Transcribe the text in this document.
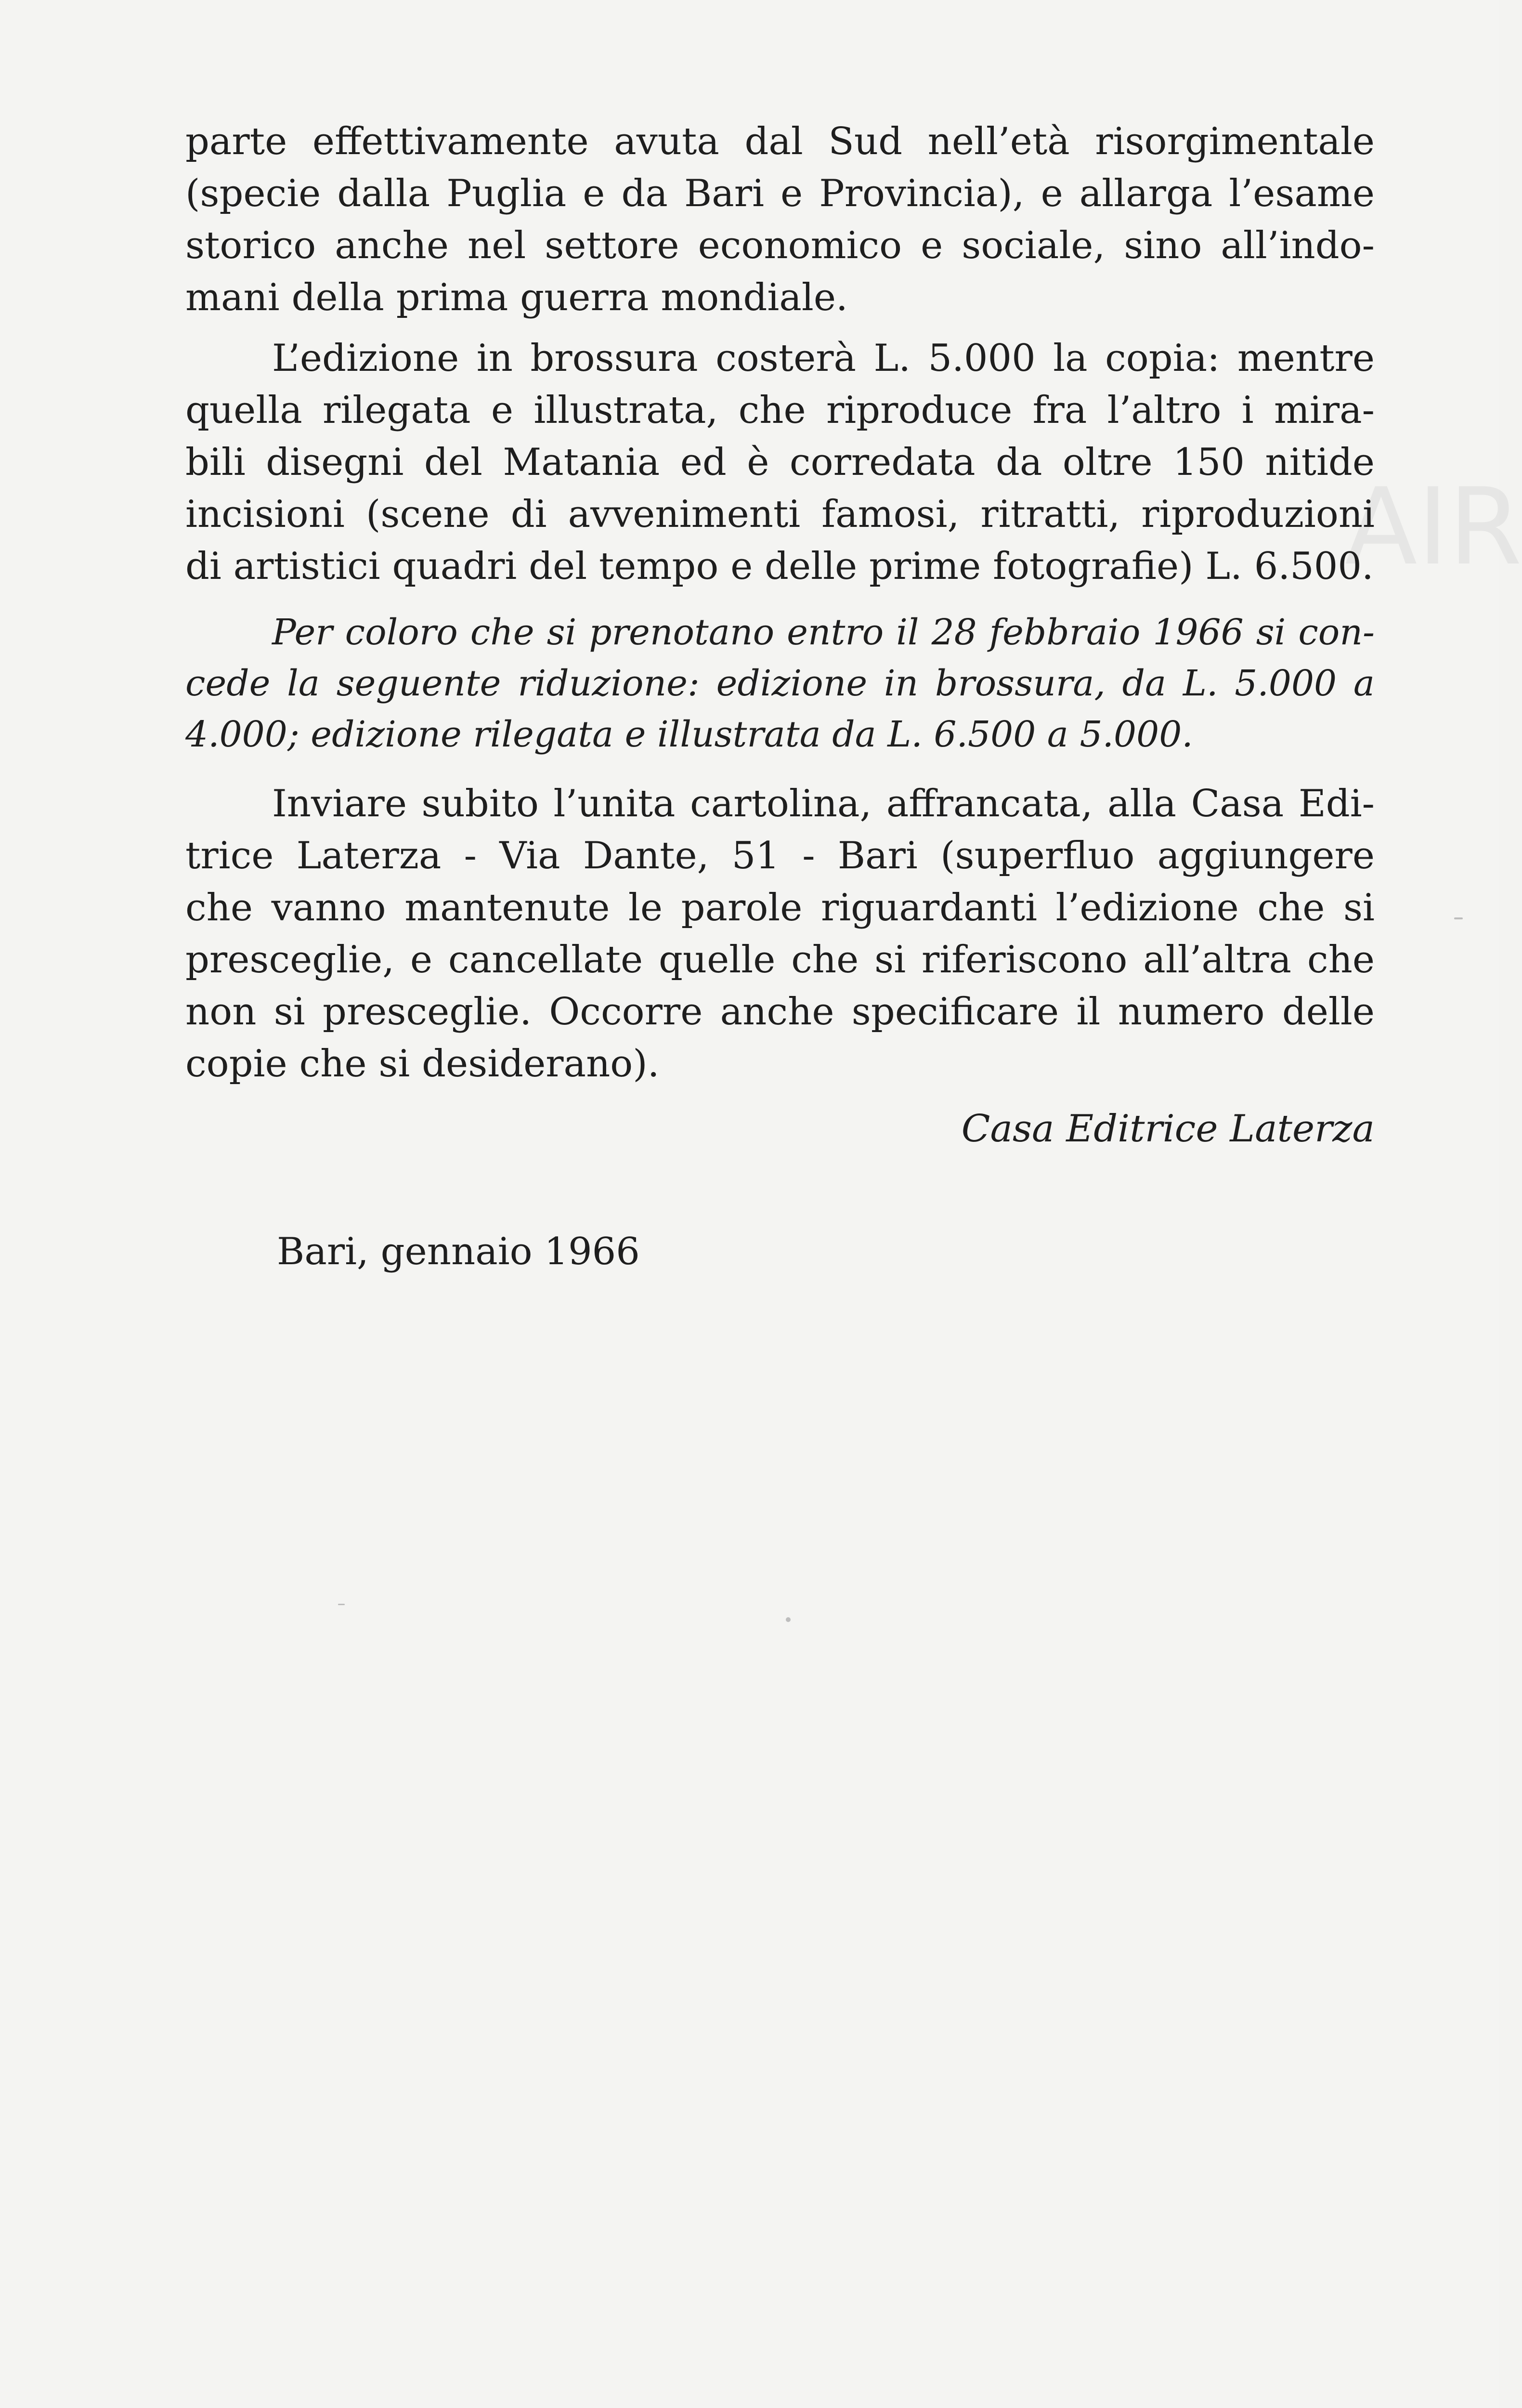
AIR
parte effettivamente avuta dal Sud nell’età risorgimentale
(specie dalla Puglia e da Bari e Provincia), e allarga l’esame
storico anche nel settore economico e sociale, sino all’indo-
mani della prima guerra mondiale.
L’edizione in brossura costerà L. 5.000 la copia: mentre
quella rilegata e illustrata, che riproduce fra l’altro i mira-
bili disegni del Matania ed è corredata da oltre 150 nitide
incisioni (scene di avvenimenti famosi, ritratti, riproduzioni
di artistici quadri del tempo e delle prime fotografie) L. 6.500.
Per coloro che si prenotano entro il 28 febbraio 1966 si con-
cede la seguente riduzione: edizione in brossura, da L. 5.000 a
4.000; edizione rilegata e illustrata da L. 6.500 a 5.000.
Inviare subito l’unita cartolina, affrancata, alla Casa Edi-
trice Laterza - Via Dante, 51 - Bari (superfluo aggiungere
che vanno mantenute le parole riguardanti l’edizione che si
presceglie, e cancellate quelle che si riferiscono all’altra che
non si presceglie. Occorre anche specificare il numero delle
copie che si desiderano).
Casa Editrice Laterza
Bari, gennaio 1966
